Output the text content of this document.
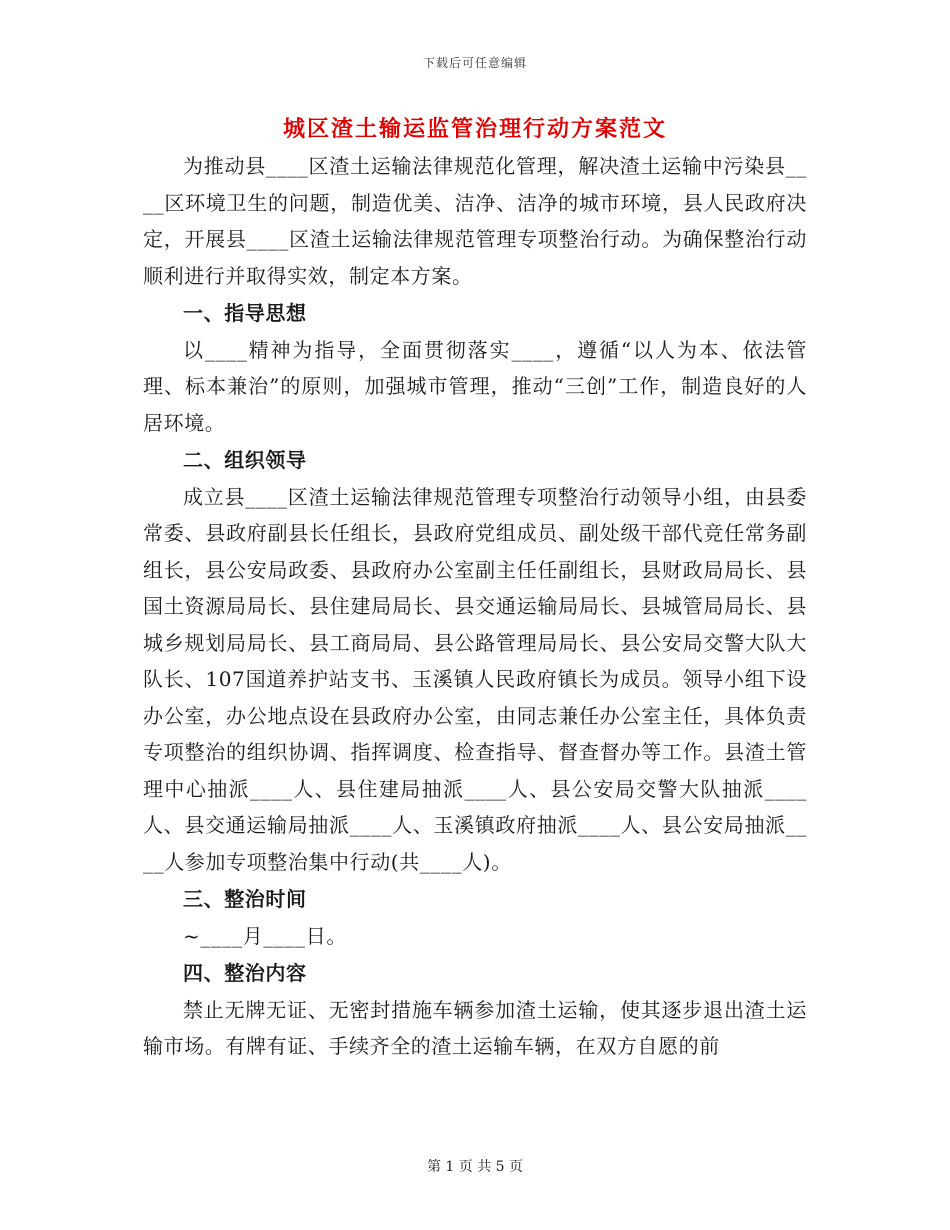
下载后可任意编辑
城区渣土输运监管治理行动方案范文

为推动县____区渣土运输法律规范化管理，解决渣土运输中污染县____区环境卫生的问题，制造优美、洁净、洁净的城市环境，县人民政府决定，开展县____区渣土运输法律规范管理专项整治行动。为确保整治行动顺利进行并取得实效，制定本方案。

一、指导思想

以____精神为指导，全面贯彻落实____，遵循“以人为本、依法管理、标本兼治”的原则，加强城市管理，推动“三创”工作，制造良好的人居环境。

二、组织领导

成立县____区渣土运输法律规范管理专项整治行动领导小组，由县委常委、县政府副县长任组长，县政府党组成员、副处级干部代竞任常务副组长，县公安局政委、县政府办公室副主任任副组长，县财政局局长、县国土资源局局长、县住建局局长、县交通运输局局长、县城管局局长、县城乡规划局局长、县工商局局、县公路管理局局长、县公安局交警大队大队长、107国道养护站支书、玉溪镇人民政府镇长为成员。领导小组下设办公室，办公地点设在县政府办公室，由同志兼任办公室主任，具体负责专项整治的组织协调、指挥调度、检查指导、督查督办等工作。县渣土管理中心抽派____人、县住建局抽派____人、县公安局交警大队抽派____人、县交通运输局抽派____人、玉溪镇政府抽派____人、县公安局抽派____人参加专项整治集中行动(共____人)。

三、整治时间

~____月____日。

四、整治内容

禁止无牌无证、无密封措施车辆参加渣土运输，使其逐步退出渣土运输市场。有牌有证、手续齐全的渣土运输车辆，在双方自愿的前

第 1 页 共 5 页
